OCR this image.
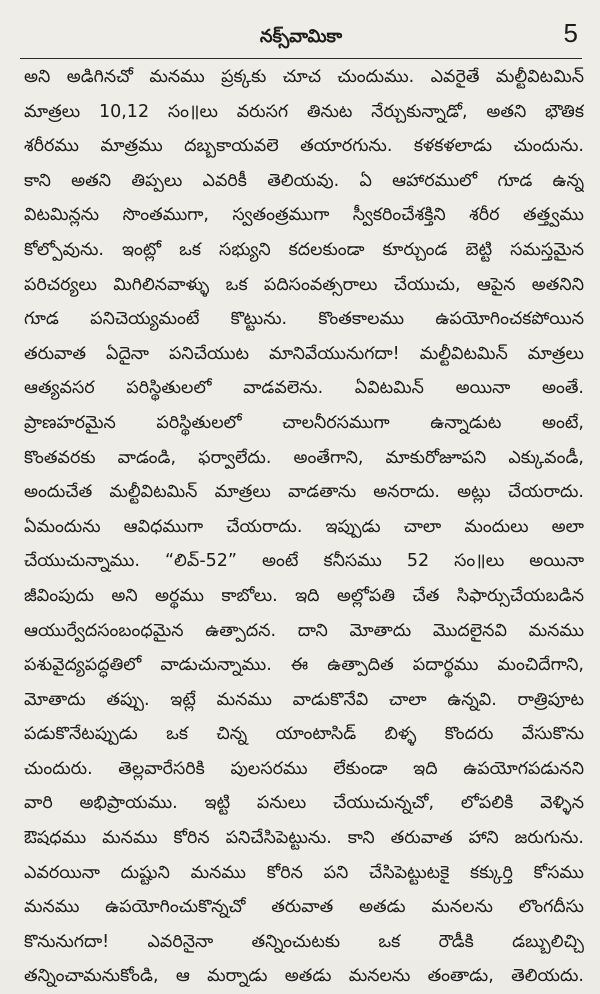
నక్స్‌వామికా	5
అని అడిగినచో మనము ప్రక్కకు చూచ చుందుము. ఎవరైతే మల్టీవిటమిన్
మాత్రలు 10,12 సం॥లు వరుసగ తినుట నేర్చుకున్నాడో, అతని భౌతిక
శరీరము మాత్రము దబ్బకాయవలె తయారగును. కళకళలాడు చుందును.
కాని అతని తిప్పలు ఎవరికీ తెలియవు. ఏ ఆహారములో గూడ ఉన్న
విటమిన్లను సొంతముగా, స్వతంత్రముగా స్వీకరించేశక్తిని శరీర తత్త్వము
కోల్పోవును. ఇంట్లో ఒక సభ్యుని కదలకుండా కూర్చుండ బెట్టి సమస్తమైన
పరిచర్యలు మిగిలినవాళ్ళు ఒక పదిసంవత్సరాలు చేయుచు, ఆపైన అతనిని
గూడ పనిచెయ్యమంటే కొట్టును. కొంతకాలము ఉపయోగించకపోయిన
తరువాత ఏదైనా పనిచేయుట మానివేయునుగదా! మల్టీవిటమిన్ మాత్రలు
ఆత్యవసర పరిస్థితులలో వాడవలెను. ఏవిటమిన్ అయినా అంతే.
ప్రాణహరమైన పరిస్థితులలో చాలనీరసముగా ఉన్నాడుట అంటే,
కొంతవరకు వాడండి, ఫర్వాలేదు. అంతేగాని, మాకురోజూపని ఎక్కువండీ,
అందుచేత మల్టీవిటమిన్ మాత్రలు వాడతాను అనరాదు. అట్లు చేయరాదు.
ఏమందును ఆవిధముగా చేయరాదు. ఇప్పుడు చాలా మందులు అలా
చేయుచున్నాము. “లివ్-52” అంటే కనీసము 52 సం॥లు అయినా
జీవింపుదు అని అర్థము కాబోలు. ఇది అల్లోపతి చేత సిఫార్సుచేయబడిన
ఆయుర్వేదసంబంధమైన ఉత్పాదన. దాని మోతాదు మొదలైనవి మనము
పశువైద్యపద్ధతిలో వాడుచున్నాము. ఈ ఉత్పాదిత పదార్థము మంచిదేగాని,
మోతాదు తప్పు. ఇట్లే మనము వాడుకొనేవి చాలా ఉన్నవి. రాత్రిపూట
పడుకొనేటప్పుడు ఒక చిన్న యాంటాసిడ్ బిళ్ళ కొందరు వేసుకొను
చుందురు. తెల్లవారేసరికి పులసరము లేకుండా ఇది ఉపయోగపడునని
వారి అభిప్రాయము. ఇట్టి పనులు చేయుచున్నచో, లోపలికి వెళ్ళిన
ఔషధము మనము కోరిన పనిచేసిపెట్టును. కాని తరువాత హాని జరుగును.
ఎవరయినా దుష్టుని మనము కోరిన పని చేసిపెట్టుటకై కక్కుర్తి కోసము
మనము ఉపయోగించుకొన్నచో తరువాత అతడు మనలను లొంగదీసు
కొనునుగదా! ఎవరినైనా తన్నించుటకు ఒక రౌడీకి డబ్బులిచ్చి
తన్నించామనుకోండి, ఆ మర్నాడు అతడు మనలను తంతాడు, తెలియదు.
